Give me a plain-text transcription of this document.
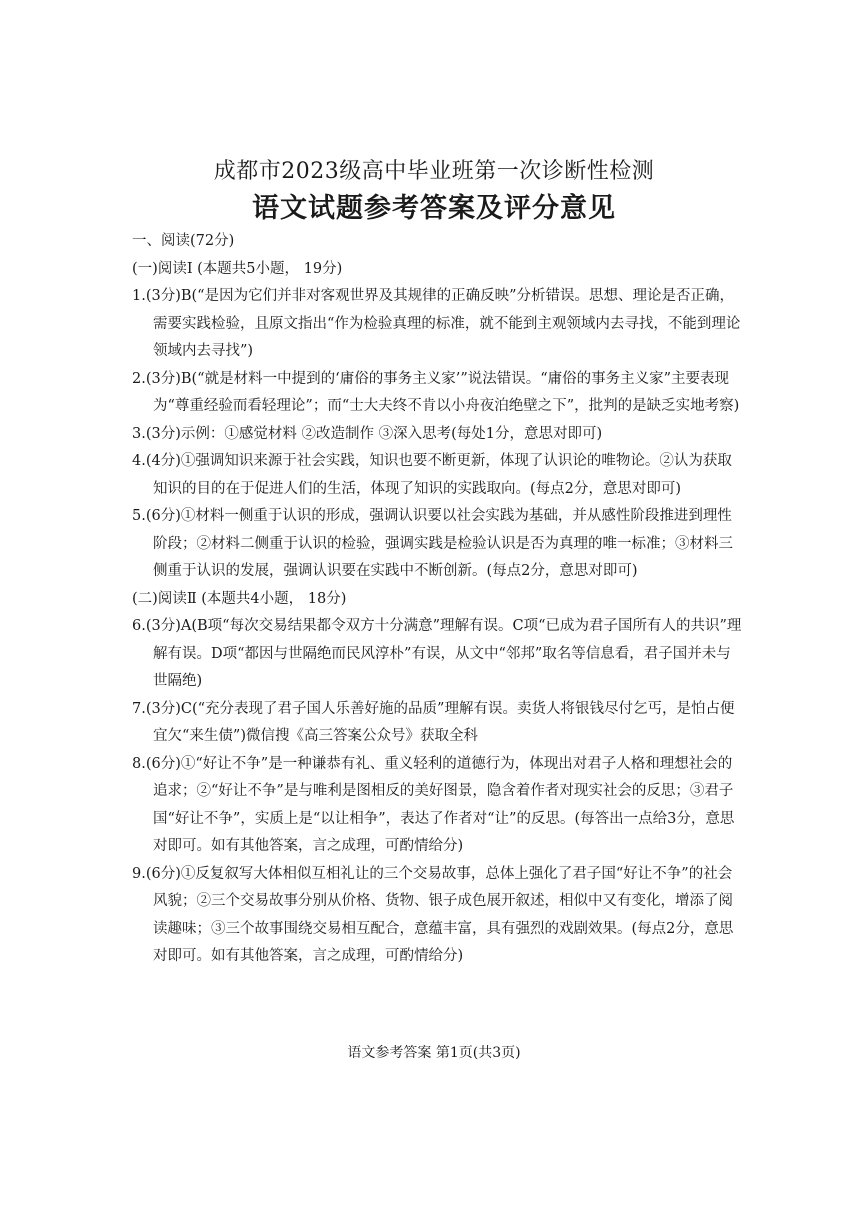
成都市2023级高中毕业班第一次诊断性检测
语文试题参考答案及评分意见

一、阅读(72分)

(一)阅读Ⅰ (本题共5小题， 19分)

1.(3分)B(“是因为它们并非对客观世界及其规律的正确反映”分析错误。思想、理论是否正确，需要实践检验，且原文指出“作为检验真理的标准，就不能到主观领域内去寻找，不能到理论领域内去寻找”)

2.(3分)B(“就是材料一中提到的‘庸俗的事务主义家’”说法错误。“庸俗的事务主义家”主要表现为“尊重经验而看轻理论”；而“士大夫终不肯以小舟夜泊绝壁之下”，批判的是缺乏实地考察)

3.(3分)示例：①感觉材料 ②改造制作 ③深入思考(每处1分，意思对即可)

4.(4分)①强调知识来源于社会实践，知识也要不断更新，体现了认识论的唯物论。②认为获取知识的目的在于促进人们的生活，体现了知识的实践取向。(每点2分，意思对即可)

5.(6分)①材料一侧重于认识的形成，强调认识要以社会实践为基础，并从感性阶段推进到理性阶段；②材料二侧重于认识的检验，强调实践是检验认识是否为真理的唯一标准；③材料三侧重于认识的发展，强调认识要在实践中不断创新。(每点2分，意思对即可)

(二)阅读Ⅱ (本题共4小题， 18分)

6.(3分)A(B项“每次交易结果都令双方十分满意”理解有误。C项“已成为君子国所有人的共识”理解有误。D项“都因与世隔绝而民风淳朴”有误，从文中“邻邦”取名等信息看，君子国并未与世隔绝)

7.(3分)C(“充分表现了君子国人乐善好施的品质”理解有误。卖货人将银钱尽付乞丐，是怕占便宜欠“来生债”)微信搜《高三答案公众号》获取全科

8.(6分)①“好让不争”是一种谦恭有礼、重义轻利的道德行为，体现出对君子人格和理想社会的追求；②“好让不争”是与唯利是图相反的美好图景，隐含着作者对现实社会的反思；③君子国“好让不争”，实质上是“以让相争”，表达了作者对“让”的反思。(每答出一点给3分，意思对即可。如有其他答案，言之成理，可酌情给分)

9.(6分)①反复叙写大体相似互相礼让的三个交易故事，总体上强化了君子国“好让不争”的社会风貌；②三个交易故事分别从价格、货物、银子成色展开叙述，相似中又有变化，增添了阅读趣味；③三个故事围绕交易相互配合，意蕴丰富，具有强烈的戏剧效果。(每点2分，意思对即可。如有其他答案，言之成理，可酌情给分)

语文参考答案 第1页(共3页)
